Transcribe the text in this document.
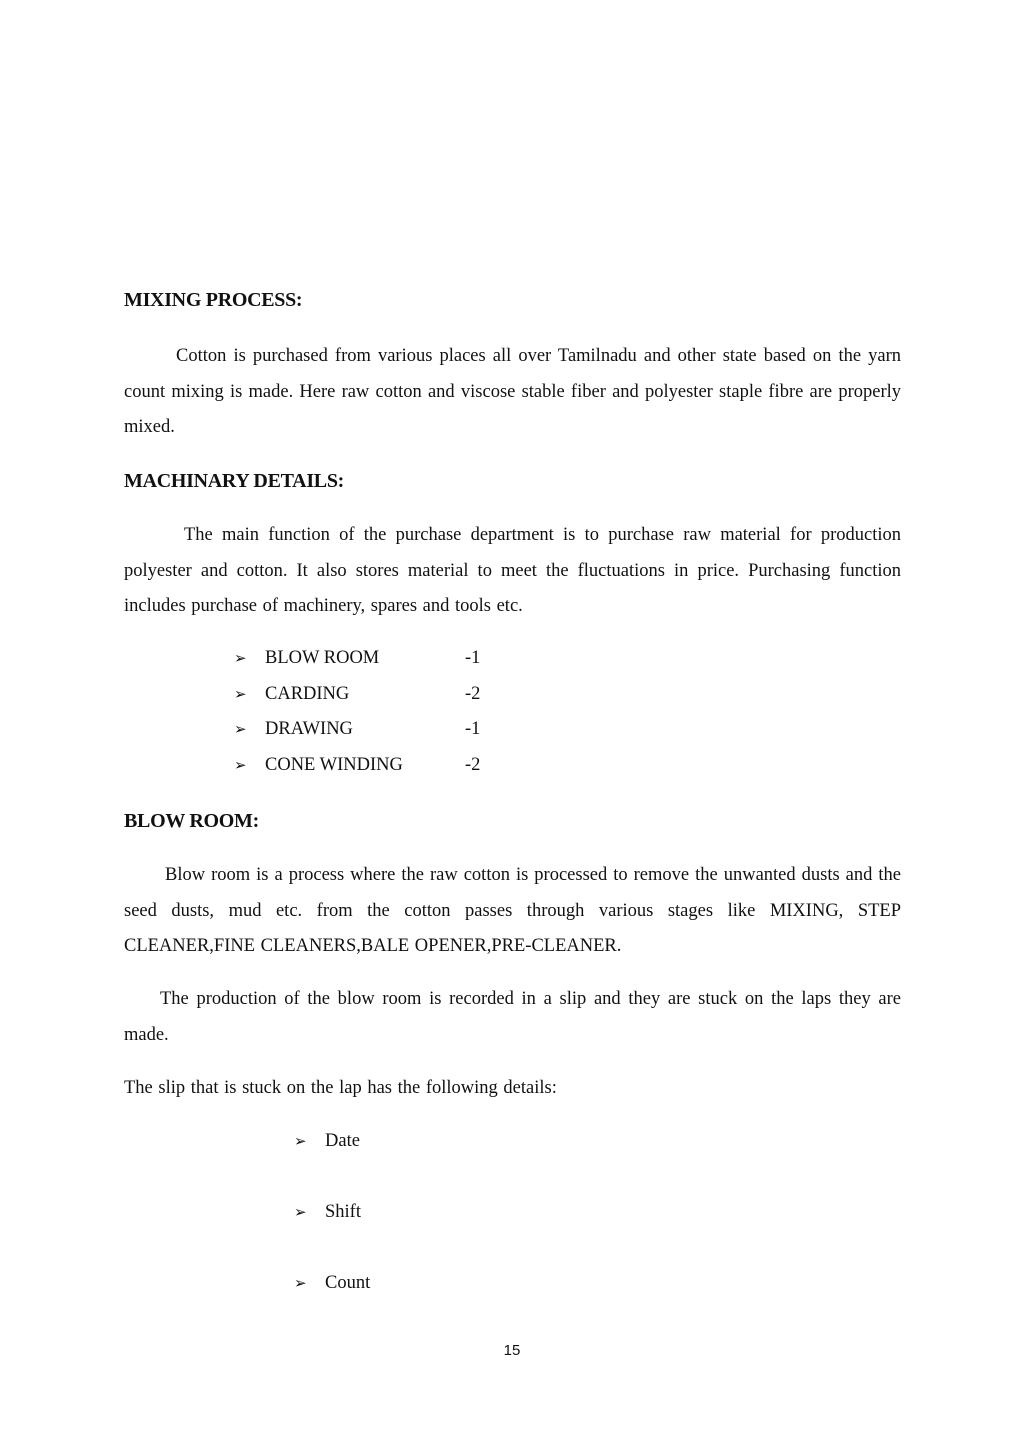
MIXING PROCESS:
Cotton is purchased from various places all over Tamilnadu and other state based on the yarn count mixing is made. Here raw cotton and viscose stable fiber and polyester staple fibre are properly mixed.
MACHINARY DETAILS:
The main function of the purchase department is to purchase raw material for production polyester and cotton. It also stores material to meet the fluctuations in price. Purchasing function includes purchase of machinery, spares and tools etc.
➢ BLOW ROOM	-1
➢ CARDING	-2
➢ DRAWING	-1
➢ CONE WINDING	-2
BLOW ROOM:
Blow room is a process where the raw cotton is processed to remove the unwanted dusts and the seed dusts, mud etc. from the cotton passes through various stages like MIXING, STEP CLEANER,FINE CLEANERS,BALE OPENER,PRE-CLEANER.
The production of the blow room is recorded in a slip and they are stuck on the laps they are made.
The slip that is stuck on the lap has the following details:
➢ Date
➢ Shift
➢ Count
15
